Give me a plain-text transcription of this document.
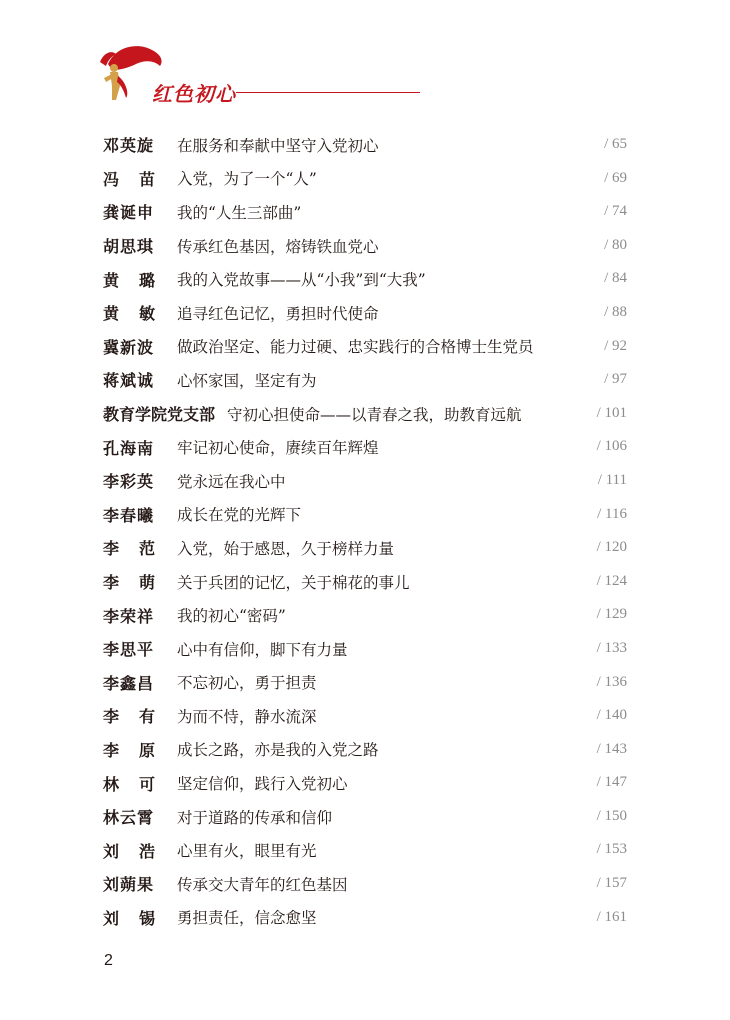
红色初心
邓英旋	在服务和奉献中坚守入党初心	/ 65
冯苗 入党，为了一个“人”	/ 69
龚诞申	我的“人生三部曲”	/ 74
胡思琪	传承红色基因，熔铸铁血党心	/ 80
黄璐 我的入党故事——从“小我”到“大我”	/ 84
黄敏 追寻红色记忆，勇担时代使命	/ 88
冀新波	做政治坚定、能力过硬、忠实践行的合格博士生党员	/ 92
蒋斌诚	心怀家国，坚定有为	/ 97
教育学院党支部 守初心担使命——以青春之我，助教育远航	/ 101
孔海南	牢记初心使命，赓续百年辉煌	/ 106
李彩英	党永远在我心中	/ 111
李春曦	成长在党的光辉下	/ 116
李范 入党，始于感恩，久于榜样力量	/ 120
李萌 关于兵团的记忆，关于棉花的事儿	/ 124
李荣祥	我的初心“密码”	/ 129
李思平	心中有信仰，脚下有力量	/ 133
李鑫昌	不忘初心，勇于担责	/ 136
李有 为而不恃，静水流深	/ 140
李原 成长之路，亦是我的入党之路	/ 143
林可 坚定信仰，践行入党初心	/ 147
林云霄	对于道路的传承和信仰	/ 150
刘浩 心里有火，眼里有光	/ 153
刘蒴果	传承交大青年的红色基因	/ 157
刘锡 勇担责任，信念愈坚	/ 161
2
